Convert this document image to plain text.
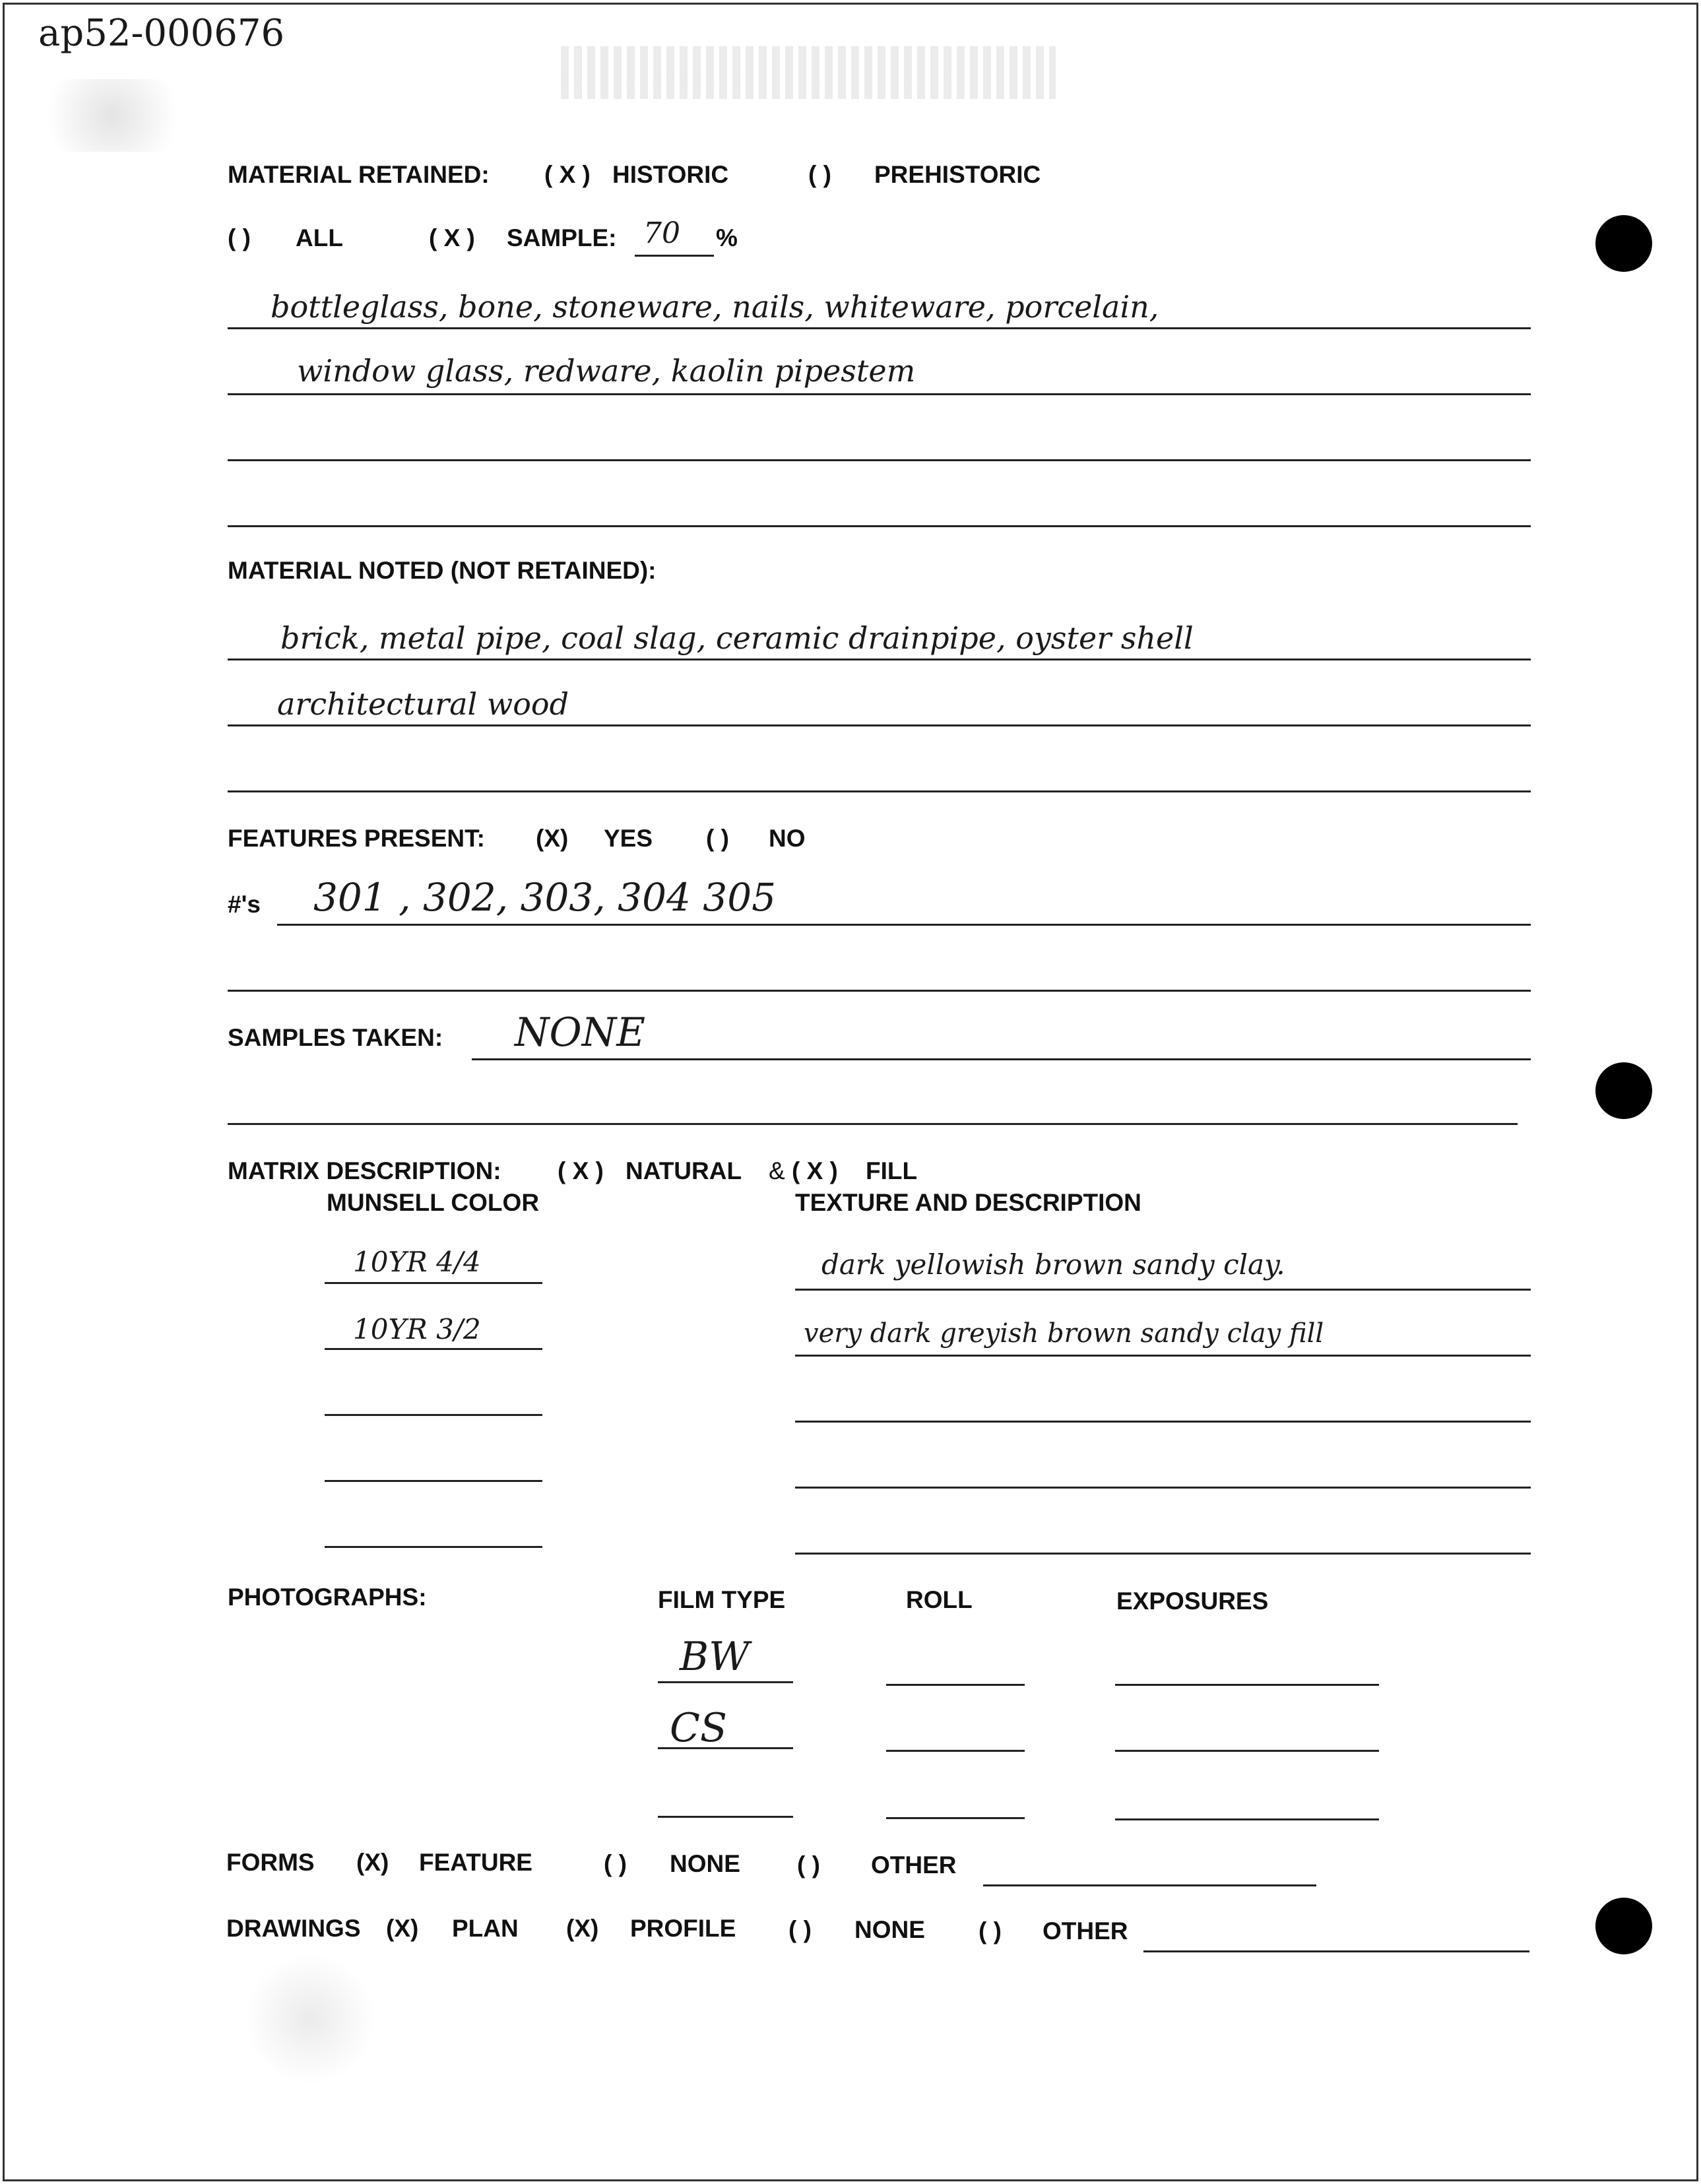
ap52-000676
MATERIAL RETAINED: ( X ) HISTORIC	( ) PREHISTORIC
( ) ALL	( X ) SAMPLE: 70 %
bottleglass, bone, stoneware, nails, whiteware, porcelain,
window glass, redware, kaolin pipestem
MATERIAL NOTED (NOT RETAINED):
brick, metal pipe, coal slag, ceramic drainpipe, oyster shell
architectural wood
FEATURES PRESENT: (X) YES ( ) NO
#'s 301 , 302, 303, 304 305
SAMPLES TAKEN: NONE
MATRIX DESCRIPTION: ( X ) NATURAL & ( X ) FILL
MUNSELL COLOR	TEXTURE AND DESCRIPTION
10YR 4/4	dark yellowish brown sandy clay.
10YR 3/2	very dark greyish brown sandy clay fill
PHOTOGRAPHS:	FILM TYPE	ROLL	EXPOSURES
BW
CS
FORMS (X) FEATURE	( ) NONE ( ) OTHER
DRAWINGS (X) PLAN (X) PROFILE ( ) NONE ( ) OTHER
